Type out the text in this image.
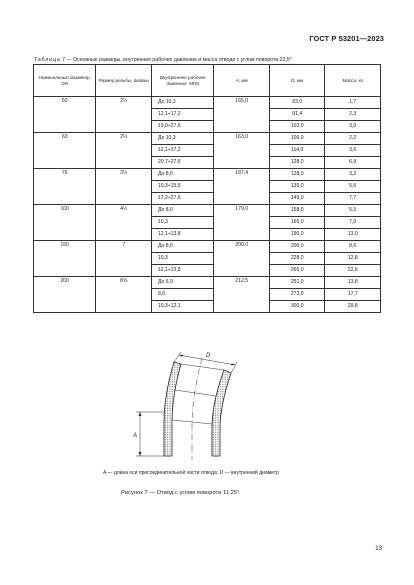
ГОСТ Р 53201—2023
Таблица 7 — Основные размеры, внутреннее рабочее давление и масса отвода с углом поворота 22,5°
Номинальный диаметр, DN	Размер резьбы, дюймы	Внутреннее рабочее давление, МПа	A, мм	D, мм	Масса, кг
50	2½	До 10,3	165,0	83,0	1,7
		12,1÷17,2		91,4	2,3
		19,0÷27,6		102,0	3,0
63	2½	До 10,3	163,0	106,0	2,2
		12,1÷17,2		114,0	3,6
		20,7÷27,6		128,0	6,9
76	3½	До 8,6	187,4	128,0	3,2
		10,3÷15,5		135,0	5,6
		17,2÷27,6		149,0	7,7
100	4½	До 8,6	179,0	158,0	5,5
		10,3		165,0	7,0
		12,1÷13,8		190,0	13,0
150	7	До 8,6	200,0	206,0	8,6
		10,3		228,0	12,8
		12,1÷13,8		265,0	22,6
200	8⅝	До 6,9	212,5	251,0	13,8
		8,6		272,0	17,7
		10,3÷12,1		300,0	29,8
D
A
A — длина оси присоединительной части отвода; D — внутренний диаметр
Рисунок 7 — Отвод с углом поворота 11,25°
13
